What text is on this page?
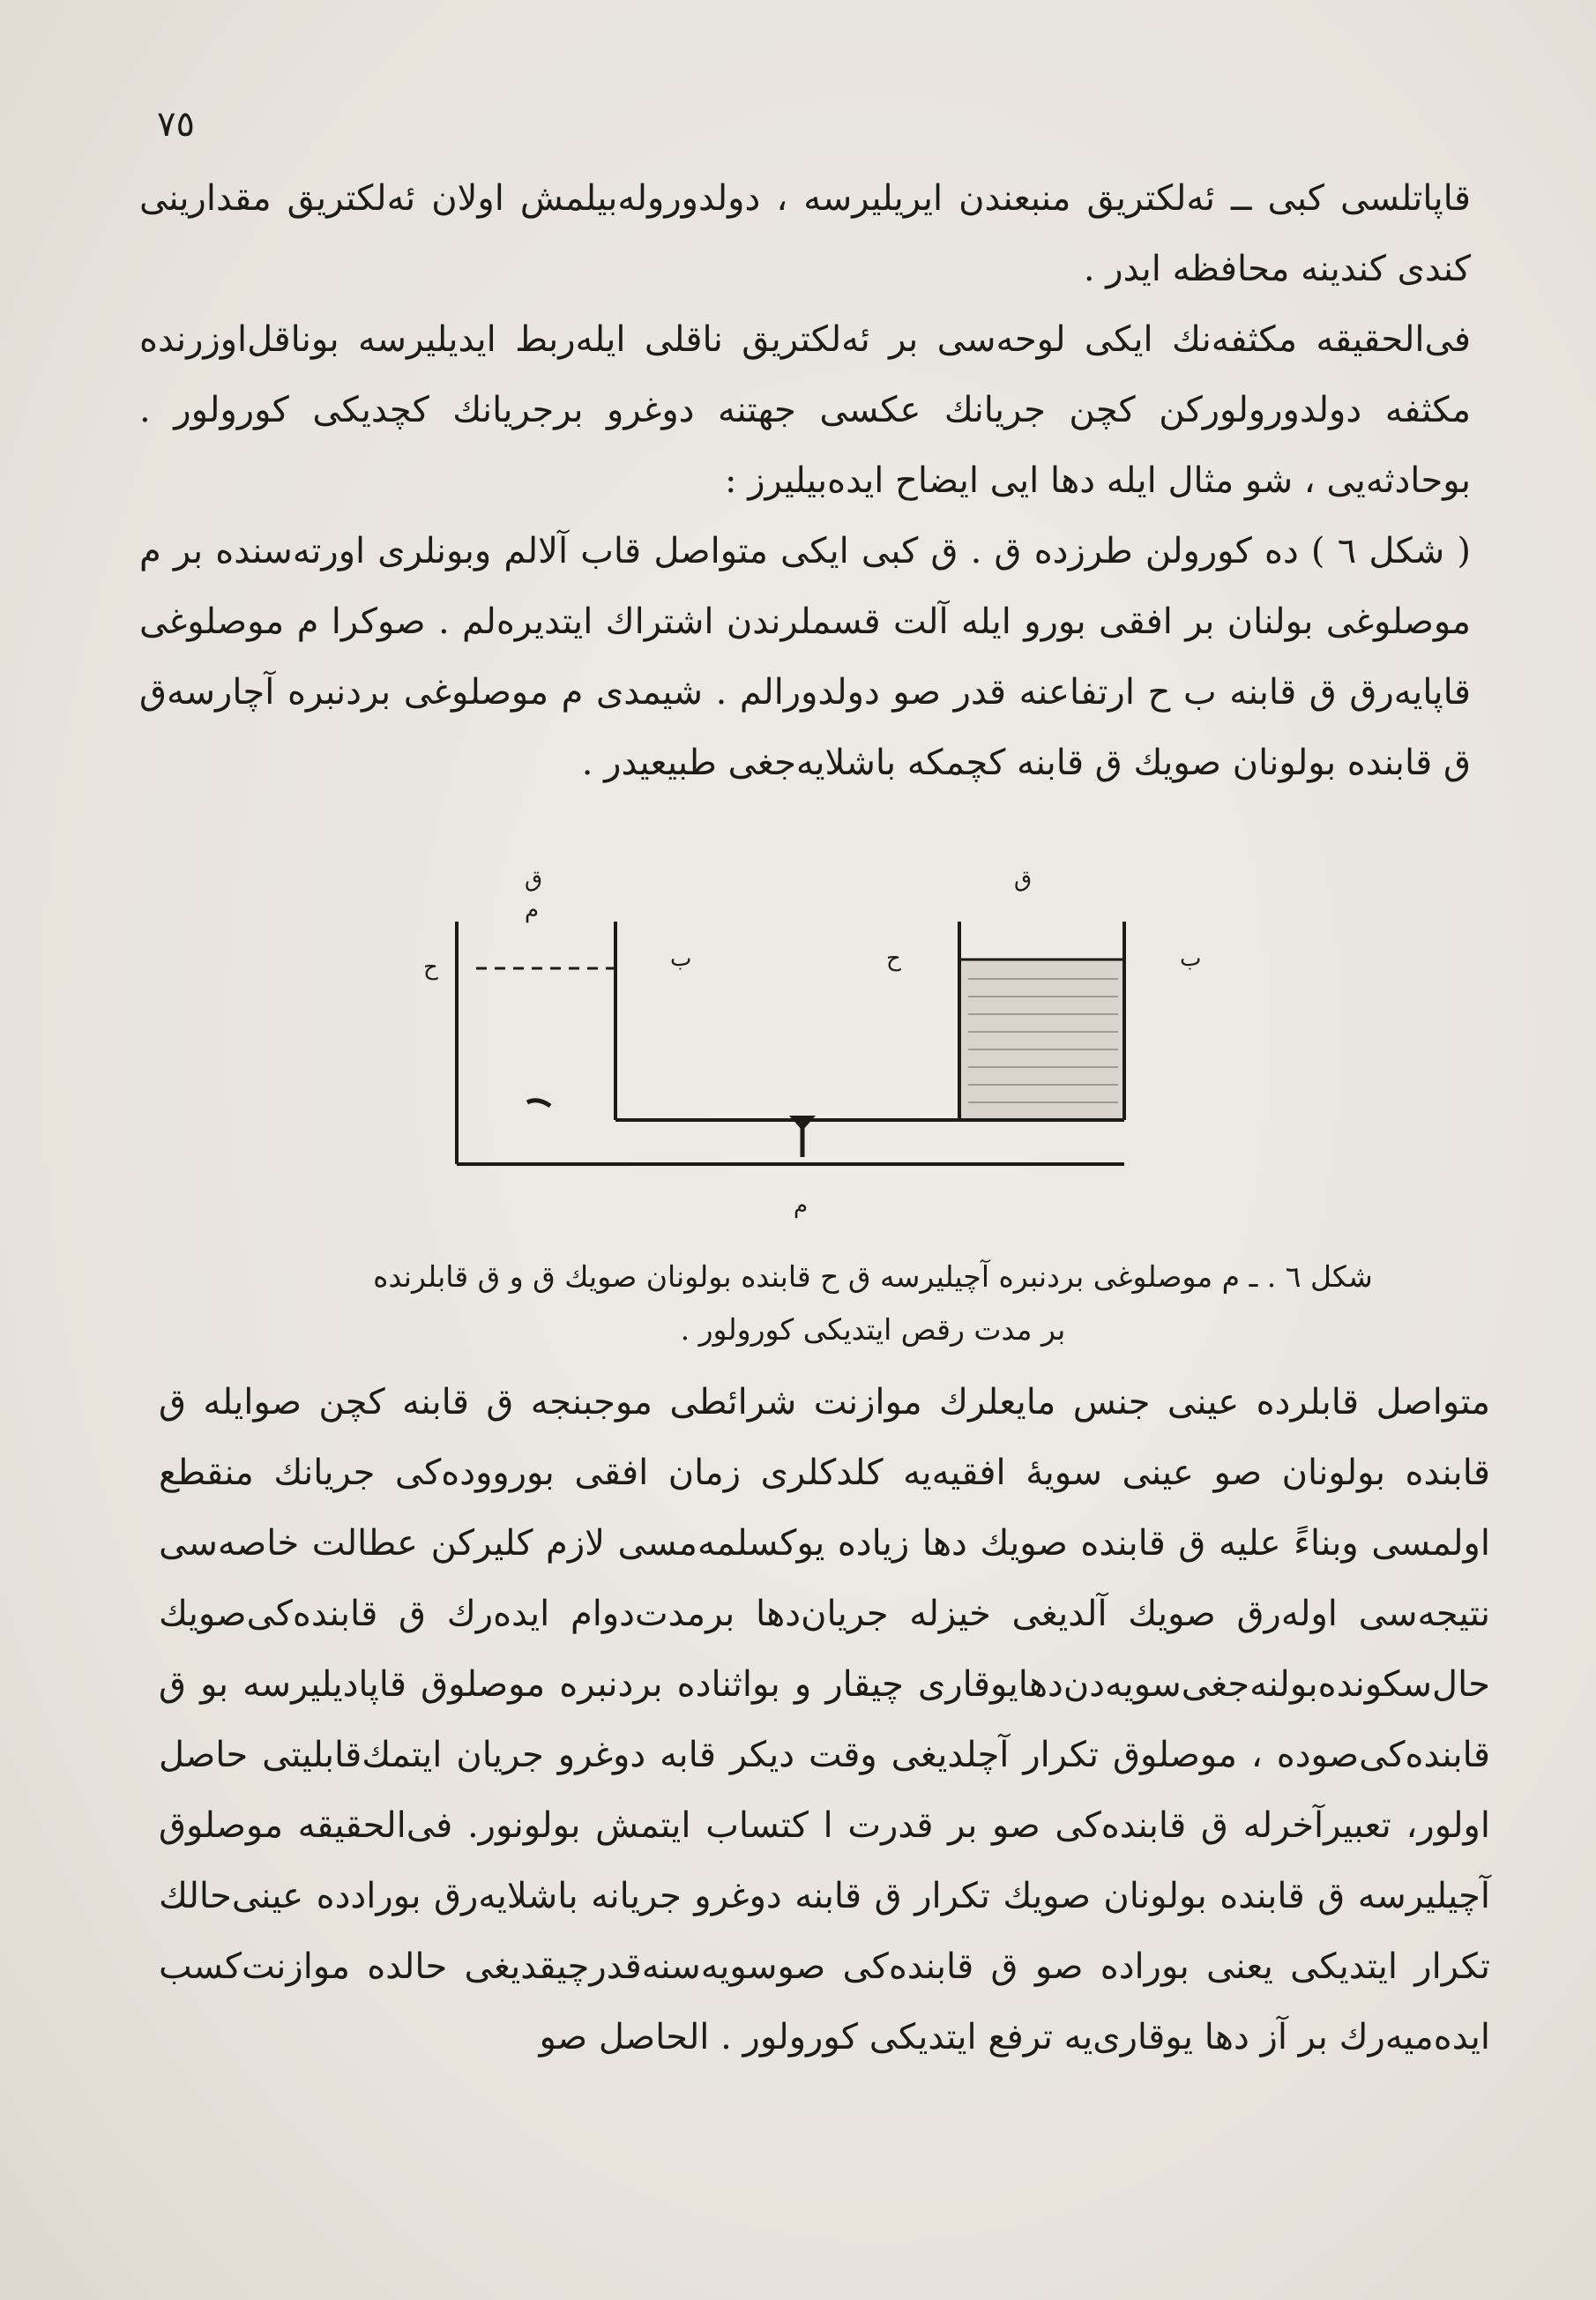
٧٥

قاپاتلسی کبی ــ ئەلکتریق منبعندن ایریلیرسه ، دولدوروله‌بیلمش اولان ئەلکتریق مقدارینی کندی کندینه محافظه ایدر .

فی‌الحقیقه مکثفه‌نك ایکی لوحه‌سی بر ئەلکتریق ناقلی ایله‌ربط ایدیلیرسه بوناقل‌اوزرنده مکثفه دولدورولورکن کچن جریانك عکسی جهتنه دوغرو برجریانك کچدیکی کورولور . بوحادثه‌یی ، شو مثال ایله دها ایی ایضاح ایده‌بیلیرز :

( شکل ٦ ) ده کورولن طرزده ق . ق‌ کبی ایکی متواصل قاب آلالم وبونلری اورته‌سنده بر م موصلوغی بولنان بر افقی بورو ایله‌ آلت قسملرندن اشتراك ایتدیره‌لم . صوکرا م موصلوغی قاپایه‌رق ق قابنه ب ح ارتفاعنه قدر صو دولدورالم . شیمدی م موصلوغی بردنبره آچارسه‌ق ق قابنده بولونان صویك ق‌ قابنه کچمکه باشلایه‌جغی طبیعیدر .

ق‌
ح‌	ب‌
م
ق
ح	ب
م‌
شکل ٦ . ـ م موصلوغی بردنبره آچیلیرسه ق ح قابنده بولونان صویك ق و ق قابلرنده
بر مدت رقص ایتدیکی کورولور .

متواصل قابلرده عینی جنس مایعلرك موازنت شرائطی موجبنجه ق‌ قابنه کچن صوایله ق قابنده بولونان صو عینی سویهٔ افقیه‌یه کلدکلری زمان افقی بورووده‌کی جریانك منقطع اولمسی وبناءً علیه ق‌ قابنده صویك دها زیاده یوکسلمه‌مسی لازم کلیرکن عطالت خاصه‌سی نتیجه‌سی اوله‌رق صویك آلدیغی خیزله جریان‌دها برمدت‌دوام ایده‌رك ق‌ قابنده‌کی‌صویك حال‌سکونده‌بولنه‌جغی‌سویه‌دن‌دها‌یوقاری چیقار و بواثناده بردنبره موصلوق قاپادیلیرسه بو ق‌ قابنده‌کی‌صوده ، موصلوق تکرار آچلدیغی وقت دیکر قابه دوغرو جریان ایتمك‌قابلیتی حاصل اولور، تعبیرآخرله ق‌ قابنده‌کی صو بر قدرت ا کتساب ایتمش بولونور. فی‌الحقیقه موصلوق آچیلیرسه ق‌ قابنده بولونان صویك تکرار ق قابنه دوغرو جریانه باشلایه‌رق بورادده عینی‌حالك تکرار ایتدیکی یعنی بوراده صو ق‌ قابنده‌کی صوسویه‌سنه‌قدرچیقدیغی حالده موازنت‌کسب ایده‌میه‌رك بر آز دها یوقاری‌یه ترفع ایتدیکی کورولور . الحاصل صو
